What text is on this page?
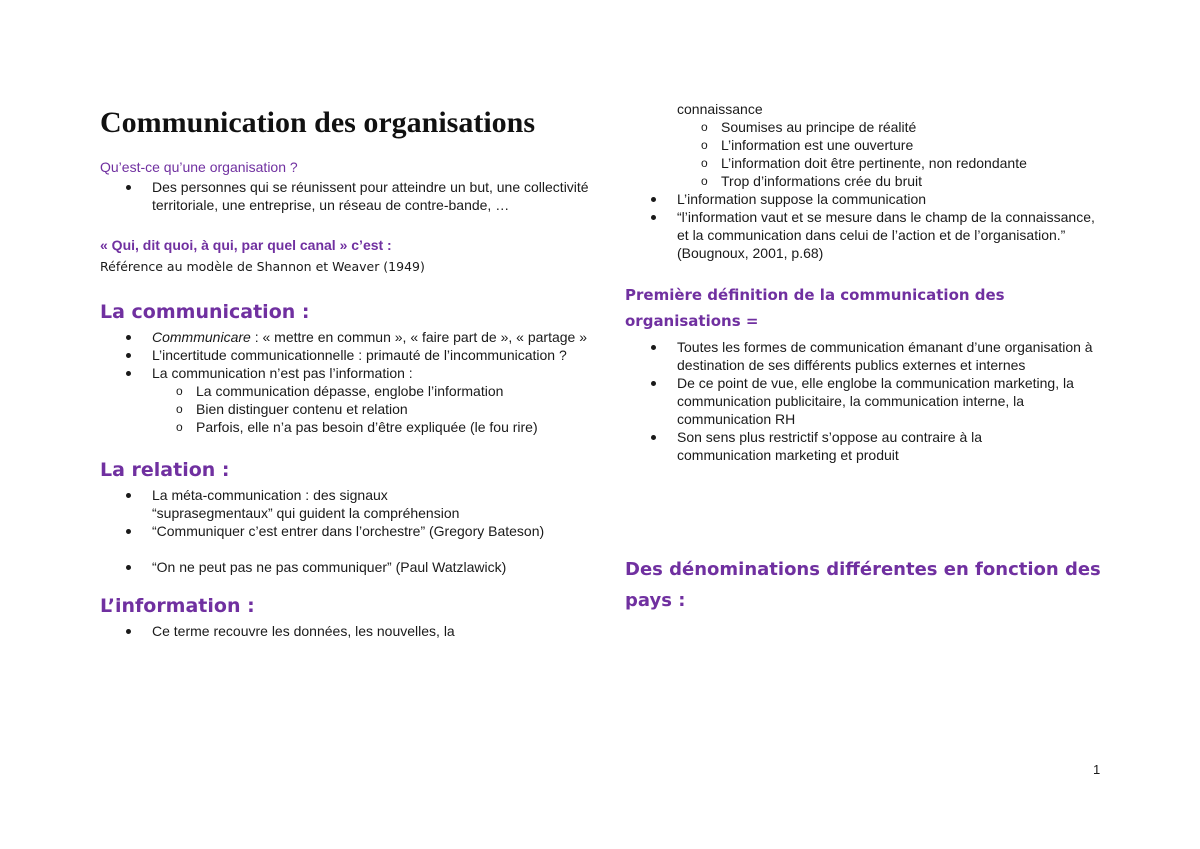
Communication des organisations

Qu’est-ce qu’une organisation ?

Des personnes qui se réunissent pour atteindre un but, une collectivité territoriale, une entreprise, un réseau de contre-bande, …

« Qui, dit quoi, à qui, par quel canal » c’est :

Référence au modèle de Shannon et Weaver (1949)

La communication :
Commmunicare : « mettre en commun », « faire part de », « partage »
L’incertitude communicationnelle : primauté de l’incommunication ?
La communication n’est pas l’information :
o La communication dépasse, englobe l’information
o Bien distinguer contenu et relation
o Parfois, elle n’a pas besoin d’être expliquée (le fou rire)
La relation :
La méta-communication : des signaux “suprasegmentaux” qui guident la compréhension
“Communiquer c’est entrer dans l’orchestre” (Gregory Bateson)
“On ne peut pas ne pas communiquer” (Paul Watzlawick)
L’information :
Ce terme recouvre les données, les nouvelles, la
connaissance
o Soumises au principe de réalité
o L’information est une ouverture
o L’information doit être pertinente, non redondante
o Trop d’informations crée du bruit
L’information suppose la communication
“l’information vaut et se mesure dans le champ de la connaissance, et la communication dans celui de l’action et de l’organisation.” (Bougnoux, 2001, p.68)
Première définition de la communication des
organisations =
Toutes les formes de communication émanant d’une organisation à destination de ses différents publics externes et internes
De ce point de vue, elle englobe la communication marketing, la communication publicitaire, la communication interne, la communication RH
Son sens plus restrictif s’oppose au contraire à la communication marketing et produit
Des dénominations différentes en fonction des
pays :
1
